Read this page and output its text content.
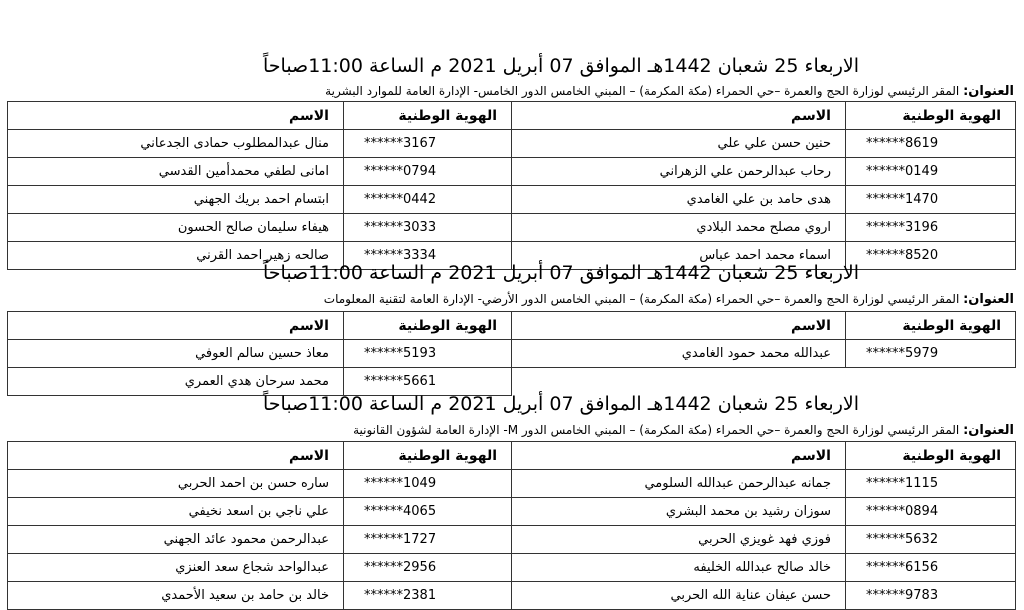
الاربعاء 25 شعبان 1442هـ الموافق 07 أبريل 2021 م الساعة 11:00صباحاً
العنوان: المقر الرئيسي لوزارة الحج والعمرة –حي الحمراء (مكة المكرمة) – المبني الخامس الدور الخامس- الإدارة العامة للموارد البشرية
الهوية الوطنية	الاسم	الهوية الوطنية	الاسم
******8619	حنين حسن علي علي	******3167	منال عبدالمطلوب حمادى الجدعاني
******0149	رحاب عبدالرحمن علي الزهراني	******0794	امانى لطفي محمدأمين القدسي
******1470	هدى حامد بن علي الغامدي	******0442	ابتسام احمد بريك الجهني
******3196	اروي مصلح محمد البلادي	******3033	هيفاء سليمان صالح الحسون
******8520	اسماء محمد احمد عباس	******3334	صالحه زهير احمد القرني
الاربعاء 25 شعبان 1442هـ الموافق 07 أبريل 2021 م الساعة 11:00صباحاً
العنوان: المقر الرئيسي لوزارة الحج والعمرة –حي الحمراء (مكة المكرمة) – المبني الخامس الدور الأرضي- الإدارة العامة لتقنية المعلومات
الهوية الوطنية	الاسم	الهوية الوطنية	الاسم
******5979	عبدالله محمد حمود الغامدي	******5193	معاذ حسين سالم العوفي
		******5661	محمد سرحان هدي العمري
الاربعاء 25 شعبان 1442هـ الموافق 07 أبريل 2021 م الساعة 11:00صباحاً
العنوان: المقر الرئيسي لوزارة الحج والعمرة –حي الحمراء (مكة المكرمة) – المبني الخامس الدور M- الإدارة العامة لشؤون القانونية
الهوية الوطنية	الاسم	الهوية الوطنية	الاسم
******1115	جمانه عبدالرحمن عبدالله السلومي	******1049	ساره حسن بن احمد الحربي
******0894	سوزان رشيد بن محمد البشري	******4065	علي ناجي بن اسعد نخيفي
******5632	فوزي فهد غويزي الحربي	******1727	عبدالرحمن محمود عائد الجهني
******6156	خالد صالح عبدالله الخليفه	******2956	عبدالواحد شجاع سعد العنزي
******9783	حسن عيفان عناية الله الحربي	******2381	خالد بن حامد بن سعيد الأحمدي
